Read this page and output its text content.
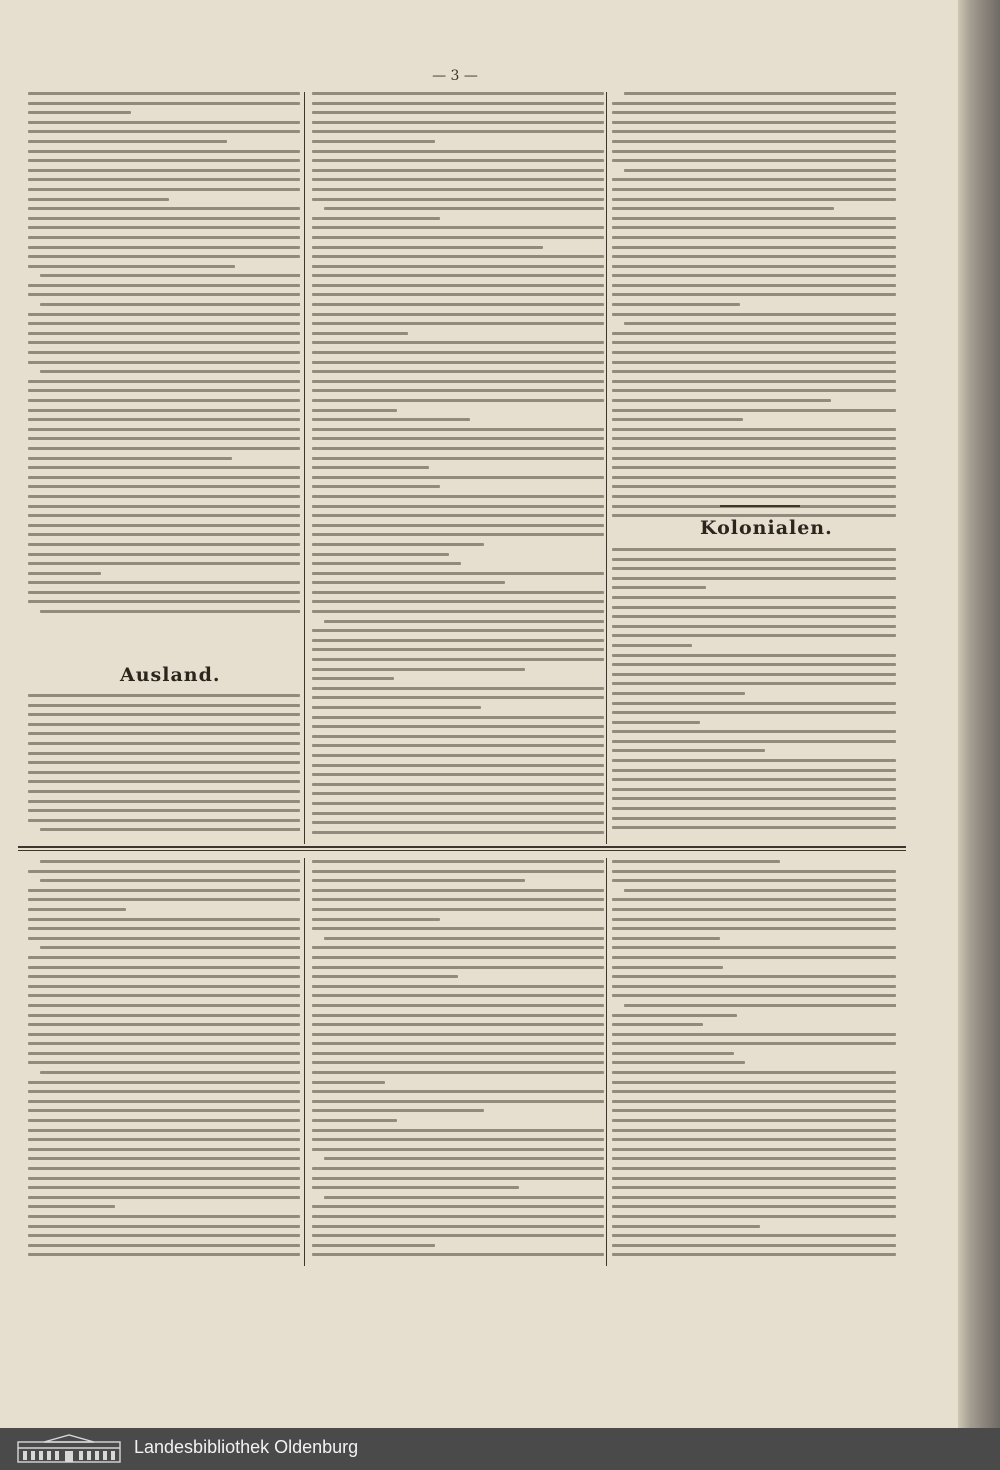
— 3 —
Ausland.
Kolonialen.
Landesbibliothek Oldenburg
